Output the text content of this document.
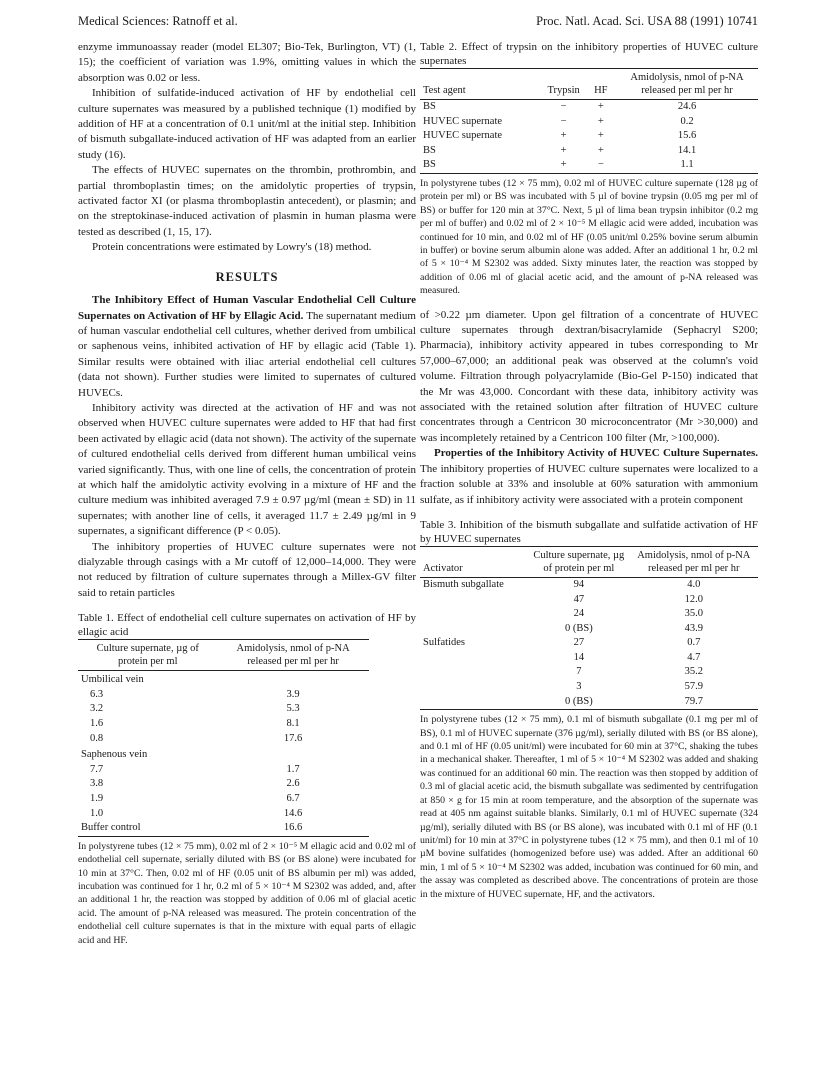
Medical Sciences: Ratnoff et al.	Proc. Natl. Acad. Sci. USA 88 (1991) 10741

enzyme immunoassay reader (model EL307; Bio-Tek, Burlington, VT) (1, 15); the coefficient of variation was 1.9%, omitting values in which the absorption was 0.02 or less.

Inhibition of sulfatide-induced activation of HF by endothelial cell culture supernates was measured by a published technique (1) modified by addition of HF at a concentration of 0.1 unit/ml at the initial step. Inhibition of bismuth subgallate-induced activation of HF was adapted from an earlier study (16).

The effects of HUVEC supernates on the thrombin, prothrombin, and partial thromboplastin times; on the amidolytic properties of trypsin, activated factor XI (or plasma thromboplastin antecedent), or plasmin; and on the streptokinase-induced activation of plasmin in human plasma were tested as described (1, 15, 17).

Protein concentrations were estimated by Lowry's (18) method.

RESULTS

The Inhibitory Effect of Human Vascular Endothelial Cell Culture Supernates on Activation of HF by Ellagic Acid. The supernatant medium of human vascular endothelial cell cultures, whether derived from umbilical or saphenous veins, inhibited activation of HF by ellagic acid (Table 1). Similar results were obtained with iliac arterial endothelial cell cultures (data not shown). Further studies were limited to supernates of cultured HUVECs.

Inhibitory activity was directed at the activation of HF and was not observed when HUVEC culture supernates were added to HF that had first been activated by ellagic acid (data not shown). The activity of the supernate of cultured endothelial cells derived from different human umbilical veins varied significantly. Thus, with one line of cells, the concentration of protein at which half the amidolytic activity evolving in a mixture of HF and the culture medium was inhibited averaged 7.9 ± 0.97 µg/ml (mean ± SD) in 11 supernates; with another line of cells, it averaged 11.7 ± 2.49 µg/ml in 9 supernates, a significant difference (P < 0.05).

The inhibitory properties of HUVEC culture supernates were not dialyzable through casings with a Mr cutoff of 12,000–14,000. They were not reduced by filtration of culture supernates through a Millex-GV filter said to retain particles

Table 1. Effect of endothelial cell culture supernates on activation of HF by ellagic acid
Culture supernate, µg of protein per ml	Amidolysis, nmol of p-NA released per ml per hr
Umbilical vein	
6.3	3.9
3.2	5.3
1.6	8.1
0.8	17.6
Saphenous vein	
7.7	1.7
3.8	2.6
1.9	6.7
1.0	14.6
Buffer control	16.6
In polystyrene tubes (12 × 75 mm), 0.02 ml of 2 × 10⁻⁵ M ellagic acid and 0.02 ml of endothelial cell supernate, serially diluted with BS (or BS alone) were incubated for 10 min at 37°C. Then, 0.02 ml of HF (0.05 unit of BS albumin per ml) was added, incubation was continued for 1 hr, 0.2 ml of 5 × 10⁻⁴ M S2302 was added, and, after an additional 1 hr, the reaction was stopped by addition of 0.06 ml of glacial acetic acid. The amount of p-NA released was measured. The protein concentration of the endothelial cell culture supernates is that in the mixture with equal parts of ellagic acid and HF.
Table 2. Effect of trypsin on the inhibitory properties of HUVEC culture supernates
Test agent	Trypsin	HF	Amidolysis, nmol of p-NA released per ml per hr
BS	−	+	24.6
HUVEC supernate	−	+	0.2
HUVEC supernate	+	+	15.6
BS	+	+	14.1
BS	+	−	1.1
In polystyrene tubes (12 × 75 mm), 0.02 ml of HUVEC culture supernate (128 µg of protein per ml) or BS was incubated with 5 µl of bovine trypsin (0.05 mg per ml of BS) or buffer for 120 min at 37°C. Next, 5 µl of lima bean trypsin inhibitor (0.2 mg per ml of buffer) and 0.02 ml of 2 × 10⁻⁵ M ellagic acid were added, incubation was continued for 10 min, and 0.02 ml of HF (0.05 unit/ml 0.25% bovine serum albumin in buffer) or bovine serum albumin alone was added. After an additional 1 hr, 0.2 ml of 5 × 10⁻⁴ M S2302 was added. Sixty minutes later, the reaction was stopped by addition of 0.06 ml of glacial acetic acid, and the amount of p-NA released was measured.

of >0.22 µm diameter. Upon gel filtration of a concentrate of HUVEC culture supernates through dextran/bisacrylamide (Sephacryl S200; Pharmacia), inhibitory activity appeared in tubes corresponding to Mr 57,000–67,000; an additional peak was observed at the column's void volume. Filtration through polyacrylamide (Bio-Gel P-150) indicated that the Mr was 43,000. Concordant with these data, inhibitory activity was associated with the retained solution after filtration of HUVEC culture concentrates through a Centricon 30 microconcentrator (Mr >30,000) and was incompletely retained by a Centricon 100 filter (Mr, >100,000).

Properties of the Inhibitory Activity of HUVEC Culture Supernates. The inhibitory properties of HUVEC culture supernates were localized to a fraction soluble at 33% and insoluble at 60% saturation with ammonium sulfate, as if inhibitory activity were associated with a protein component

Table 3. Inhibition of the bismuth subgallate and sulfatide activation of HF by HUVEC supernates
Activator	Culture supernate, µg of protein per ml	Amidolysis, nmol of p-NA released per ml per hr
Bismuth subgallate	94	4.0
	47	12.0
	24	35.0
	0 (BS)	43.9
Sulfatides	27	0.7
	14	4.7
	7	35.2
	3	57.9
	0 (BS)	79.7
In polystyrene tubes (12 × 75 mm), 0.1 ml of bismuth subgallate (0.1 mg per ml of BS), 0.1 ml of HUVEC supernate (376 µg/ml), serially diluted with BS (or BS alone), and 0.1 ml of HF (0.05 unit/ml) were incubated for 60 min at 37°C, shaking the tubes in a mechanical shaker. Thereafter, 1 ml of 5 × 10⁻⁴ M S2302 was added and shaking was continued for an additional 60 min. The reaction was then stopped by addition of 0.3 ml of glacial acetic acid, the bismuth subgallate was sedimented by centrifugation at 850 × g for 15 min at room temperature, and the absorption of the supernate was read at 405 nm against suitable blanks. Similarly, 0.1 ml of HUVEC supernate (324 µg/ml), serially diluted with BS (or BS alone), was incubated with 0.1 ml of HF (0.1 unit/ml) for 10 min at 37°C in polystyrene tubes (12 × 75 mm), and then 0.1 ml of 10 µM bovine sulfatides (homogenized before use) was added. After an additional 60 min, 1 ml of 5 × 10⁻⁴ M S2302 was added, incubation was continued for 60 min, and the assay was completed as described above. The concentrations of protein are those in the mixture of HUVEC supernate, HF, and the activators.
